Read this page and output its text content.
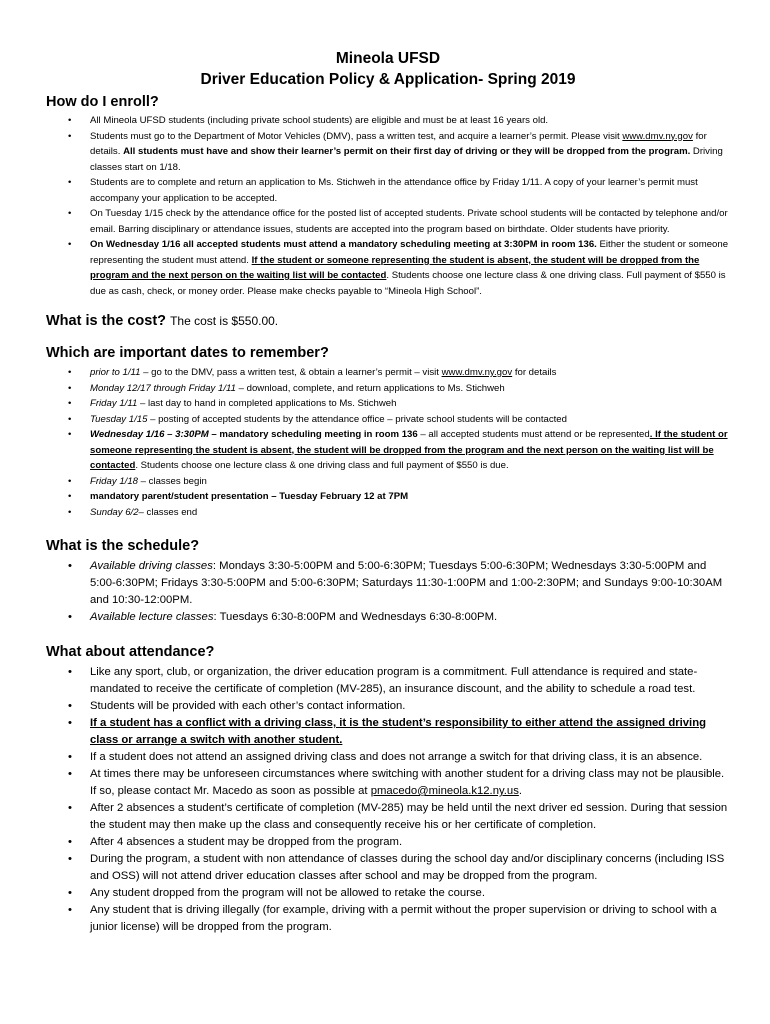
Mineola UFSD
Driver Education Policy & Application- Spring 2019
How do I enroll?
• All Mineola UFSD students (including private school students) are eligible and must be at least 16 years old.
• Students must go to the Department of Motor Vehicles (DMV), pass a written test, and acquire a learner’s permit. Please visit www.dmv.ny.gov for details. All students must have and show their learner’s permit on their first day of driving or they will be dropped from the program. Driving classes start on 1/18.
• Students are to complete and return an application to Ms. Stichweh in the attendance office by Friday 1/11. A copy of your learner’s permit must accompany your application to be accepted.
• On Tuesday 1/15 check by the attendance office for the posted list of accepted students. Private school students will be contacted by telephone and/or email. Barring disciplinary or attendance issues, students are accepted into the program based on birthdate. Older students have priority.
• On Wednesday 1/16 all accepted students must attend a mandatory scheduling meeting at 3:30PM in room 136. Either the student or someone representing the student must attend. If the student or someone representing the student is absent, the student will be dropped from the program and the next person on the waiting list will be contacted. Students choose one lecture class & one driving class. Full payment of $550 is due as cash, check, or money order. Please make checks payable to “Mineola High School”.
What is the cost? The cost is $550.00.
Which are important dates to remember?
• prior to 1/11 – go to the DMV, pass a written test, & obtain a learner’s permit – visit www.dmv.ny.gov for details
• Monday 12/17 through Friday 1/11 – download, complete, and return applications to Ms. Stichweh
• Friday 1/11 – last day to hand in completed applications to Ms. Stichweh
• Tuesday 1/15 – posting of accepted students by the attendance office – private school students will be contacted
• Wednesday 1/16 – 3:30PM – mandatory scheduling meeting in room 136 – all accepted students must attend or be represented. If the student or someone representing the student is absent, the student will be dropped from the program and the next person on the waiting list will be contacted. Students choose one lecture class & one driving class and full payment of $550 is due.
• Friday 1/18 – classes begin
• mandatory parent/student presentation – Tuesday February 12 at 7PM
• Sunday 6/2– classes end
What is the schedule?
• Available driving classes: Mondays 3:30-5:00PM and 5:00-6:30PM; Tuesdays 5:00-6:30PM; Wednesdays 3:30-5:00PM and 5:00-6:30PM; Fridays 3:30-5:00PM and 5:00-6:30PM; Saturdays 11:30-1:00PM and 1:00-2:30PM; and Sundays 9:00-10:30AM and 10:30-12:00PM.
• Available lecture classes: Tuesdays 6:30-8:00PM and Wednesdays 6:30-8:00PM.
What about attendance?
• Like any sport, club, or organization, the driver education program is a commitment. Full attendance is required and state-mandated to receive the certificate of completion (MV-285), an insurance discount, and the ability to schedule a road test.
• Students will be provided with each other’s contact information.
• If a student has a conflict with a driving class, it is the student’s responsibility to either attend the assigned driving class or arrange a switch with another student.
• If a student does not attend an assigned driving class and does not arrange a switch for that driving class, it is an absence.
• At times there may be unforeseen circumstances where switching with another student for a driving class may not be plausible. If so, please contact Mr. Macedo as soon as possible at pmacedo@mineola.k12.ny.us.
• After 2 absences a student’s certificate of completion (MV-285) may be held until the next driver ed session. During that session the student may then make up the class and consequently receive his or her certificate of completion.
• After 4 absences a student may be dropped from the program.
• During the program, a student with non attendance of classes during the school day and/or disciplinary concerns (including ISS and OSS) will not attend driver education classes after school and may be dropped from the program.
• Any student dropped from the program will not be allowed to retake the course.
• Any student that is driving illegally (for example, driving with a permit without the proper supervision or driving to school with a junior license) will be dropped from the program.
